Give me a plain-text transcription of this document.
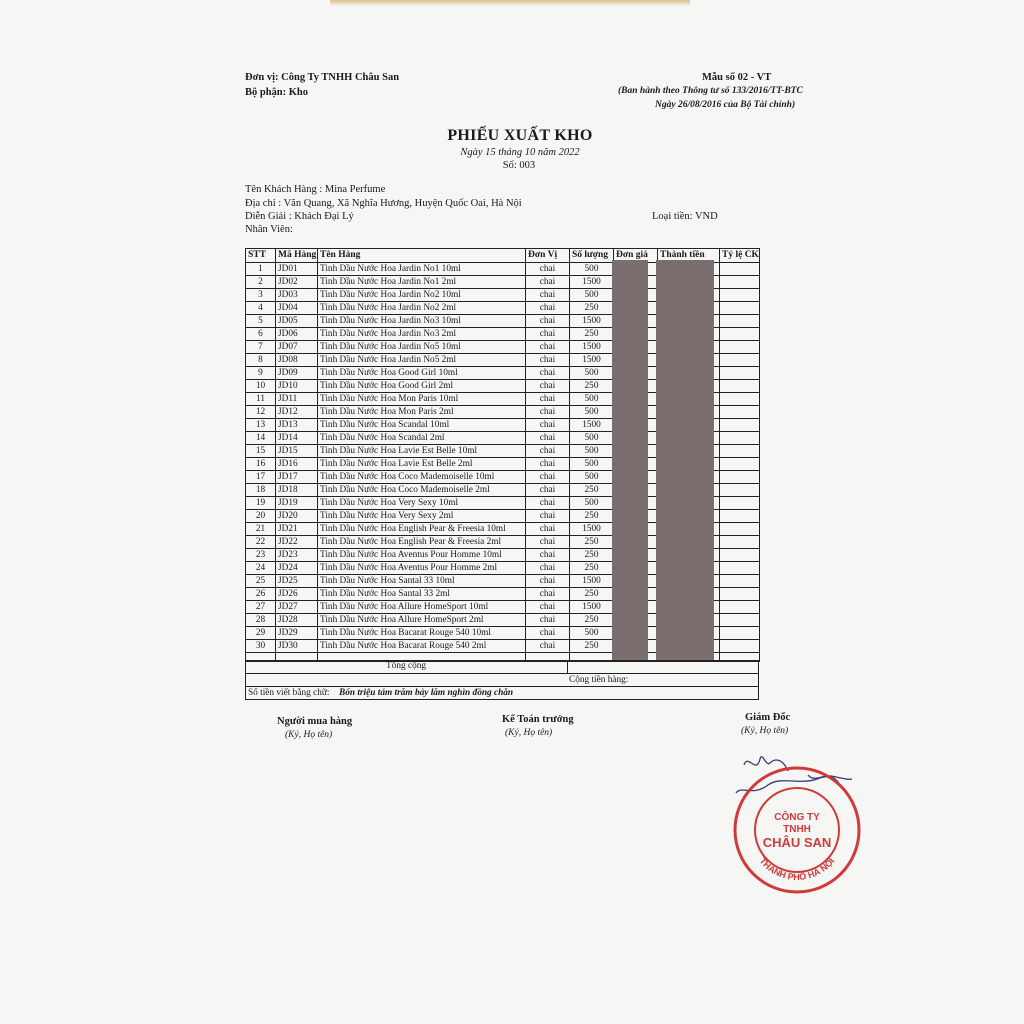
Đơn vị: Công Ty TNHH Châu San
Bộ phận: Kho
Mẫu số 02 - VT
(Ban hành theo Thông tư số 133/2016/TT-BTC
Ngày 26/08/2016 của Bộ Tài chính)
PHIẾU XUẤT KHO
Ngày 15 tháng 10 năm 2022
Số: 003
Tên Khách Hàng : Mina Perfume
Địa chỉ : Văn Quang, Xã Nghĩa Hương, Huyện Quốc Oai, Hà Nội
Diễn Giải : Khách Đại Lý
Nhân Viên:
Loại tiền: VND
STT	Mã Hàng	Tên Hàng	Đơn Vị	Số lượng	Đơn giá	Thành tiền	Tỷ lệ CK
1	JD01	Tinh Dầu Nước Hoa Jardin No1 10ml	chai	500			
2	JD02	Tinh Dầu Nước Hoa Jardin No1 2ml	chai	1500			
3	JD03	Tinh Dầu Nước Hoa Jardin No2 10ml	chai	500			
4	JD04	Tinh Dầu Nước Hoa Jardin No2 2ml	chai	250			
5	JD05	Tinh Dầu Nước Hoa Jardin No3 10ml	chai	1500			
6	JD06	Tinh Dầu Nước Hoa Jardin No3 2ml	chai	250			
7	JD07	Tinh Dầu Nước Hoa Jardin No5 10ml	chai	1500			
8	JD08	Tinh Dầu Nước Hoa Jardin No5 2ml	chai	1500			
9	JD09	Tinh Dầu Nước Hoa Good Girl 10ml	chai	500			
10	JD10	Tinh Dầu Nước Hoa Good Girl 2ml	chai	250			
11	JD11	Tinh Dầu Nước Hoa Mon Paris 10ml	chai	500			
12	JD12	Tinh Dầu Nước Hoa Mon Paris 2ml	chai	500			
13	JD13	Tinh Dầu Nước Hoa Scandal 10ml	chai	1500			
14	JD14	Tinh Dầu Nước Hoa Scandal 2ml	chai	500			
15	JD15	Tinh Dầu Nước Hoa Lavie Est Belle 10ml	chai	500			
16	JD16	Tinh Dầu Nước Hoa Lavie Est Belle 2ml	chai	500			
17	JD17	Tinh Dầu Nước Hoa Coco Mademoiselle 10ml	chai	500			
18	JD18	Tinh Dầu Nước Hoa Coco Mademoiselle 2ml	chai	250			
19	JD19	Tinh Dầu Nước Hoa Very Sexy 10ml	chai	500			
20	JD20	Tinh Dầu Nước Hoa Very Sexy 2ml	chai	250			
21	JD21	Tinh Dầu Nước Hoa English Pear & Freesia 10ml	chai	1500			
22	JD22	Tinh Dầu Nước Hoa English Pear & Freesia 2ml	chai	250			
23	JD23	Tinh Dầu Nước Hoa Aventus Pour Homme 10ml	chai	250			
24	JD24	Tinh Dầu Nước Hoa Aventus Pour Homme 2ml	chai	250			
25	JD25	Tinh Dầu Nước Hoa Santal 33 10ml	chai	1500			
26	JD26	Tinh Dầu Nước Hoa Santal 33 2ml	chai	250			
27	JD27	Tinh Dầu Nước Hoa Allure HomeSport 10ml	chai	1500			
28	JD28	Tinh Dầu Nước Hoa Allure HomeSport 2ml	chai	250			
29	JD29	Tinh Dầu Nước Hoa Bacarat Rouge 540 10ml	chai	500			
30	JD30	Tinh Dầu Nước Hoa Bacarat Rouge 540 2ml	chai	250			

Tổng cộng
Cộng tiền hàng:
Số tiền viết bằng chữ: Bốn triệu tám trăm bảy lăm nghìn đồng chẵn
Người mua hàng
(Ký, Họ tên)
Kế Toán trưởng
(Ký, Họ tên)
Giám Đốc
(Ký, Họ tên)
THÀNH PHỐ HÀ NỘI
CÔNG TY
TNHH
CHÂU SAN
